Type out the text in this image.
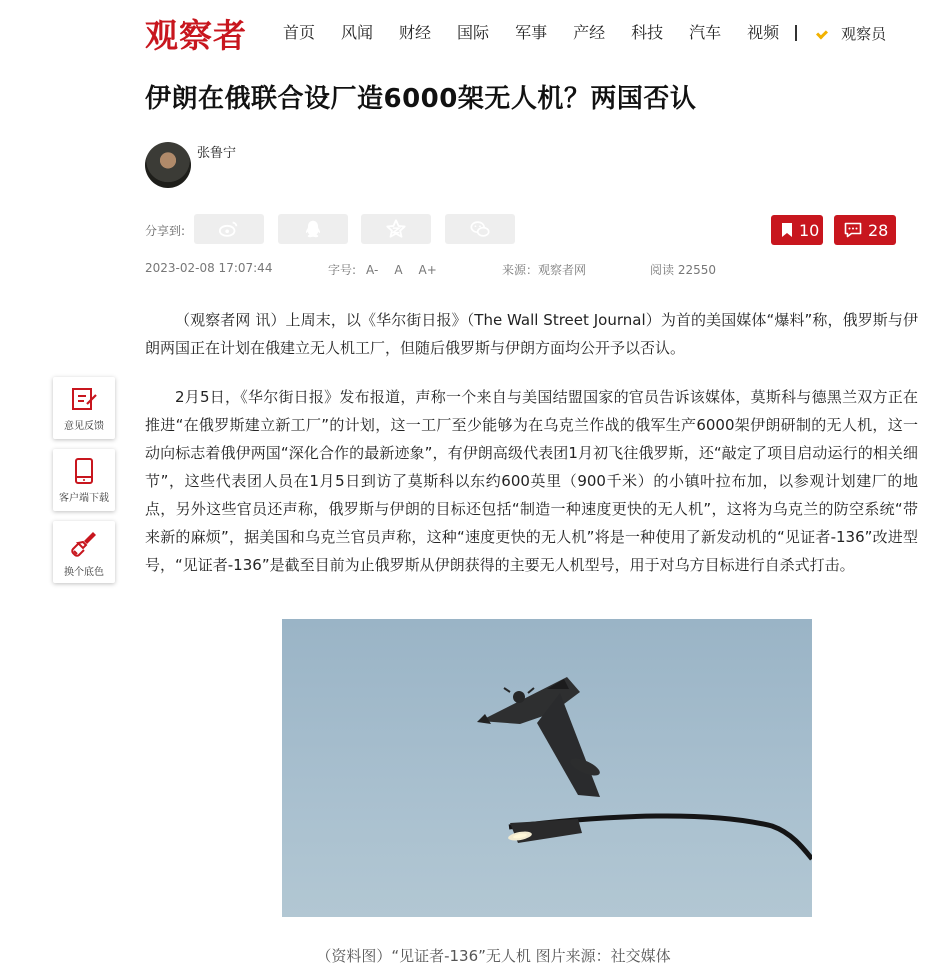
观察者 首页 风闻 财经 国际 军事 产经 科技 汽车 视频	观察员
伊朗在俄联合设厂造6000架无人机？两国否认
张鲁宁
分享到:	10	28
2023-02-08 17:07:44	字号: A- A A+	来源：观察者网	阅读 22550

（观察者网 讯）上周末，以《华尔街日报》（The Wall Street Journal）为首的美国媒体“爆料”称，俄罗斯与伊朗两国正在计划在俄建立无人机工厂，但随后俄罗斯与伊朗方面均公开予以否认。

2月5日，《华尔街日报》发布报道，声称一个来自与美国结盟国家的官员告诉该媒体，莫斯科与德黑兰双方正在推进“在俄罗斯建立新工厂”的计划，这一工厂至少能够为在乌克兰作战的俄军生产6000架伊朗研制的无人机，这一动向标志着俄伊两国“深化合作的最新迹象”，有伊朗高级代表团1月初飞往俄罗斯，还“敲定了项目启动运行的相关细节”，这些代表团人员在1月5日到访了莫斯科以东约600英里（900千米）的小镇叶拉布加，以参观计划建厂的地点，另外这些官员还声称，俄罗斯与伊朗的目标还包括“制造一种速度更快的无人机”，这将为乌克兰的防空系统“带来新的麻烦”，据美国和乌克兰官员声称，这种“速度更快的无人机”将是一种使用了新发动机的“见证者-136”改进型号，“见证者-136”是截至目前为止俄罗斯从伊朗获得的主要无人机型号，用于对乌方目标进行自杀式打击。

意见反馈
客户端下载
换个底色
（资料图）“见证者-136”无人机 图片来源：社交媒体
